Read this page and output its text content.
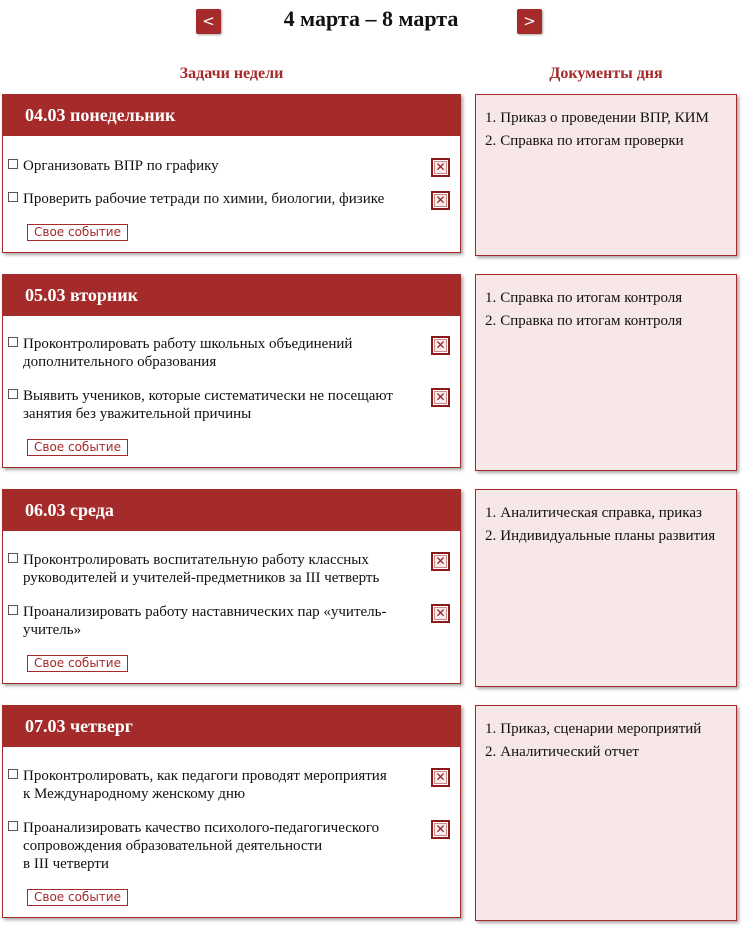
<	4 марта – 8 марта	>
Задачи недели	Документы дня
04.03 понедельник
Организовать ВПР по графику
✕
Проверить рабочие тетради по химии, биологии, физике
✕
Свое событие
1. Приказ о проведении ВПР, КИМ
2. Справка по итогам проверки
05.03 вторник
Проконтролировать работу школьных объединений
дополнительного образования
✕
Выявить учеников, которые систематически не посещают
занятия без уважительной причины
✕
Свое событие
1. Справка по итогам контроля
2. Справка по итогам контроля
06.03 среда
Проконтролировать воспитательную работу классных
руководителей и учителей-предметников за III четверть
✕
Проанализировать работу наставнических пар «учитель-
учитель»
✕
Свое событие
1. Аналитическая справка, приказ
2. Индивидуальные планы развития
07.03 четверг
Проконтролировать, как педагоги проводят мероприятия
к Международному женскому дню
✕
Проанализировать качество психолого-педагогического
сопровождения образовательной деятельности
в III четверти
✕
Свое событие
1. Приказ, сценарии мероприятий
2. Аналитический отчет
